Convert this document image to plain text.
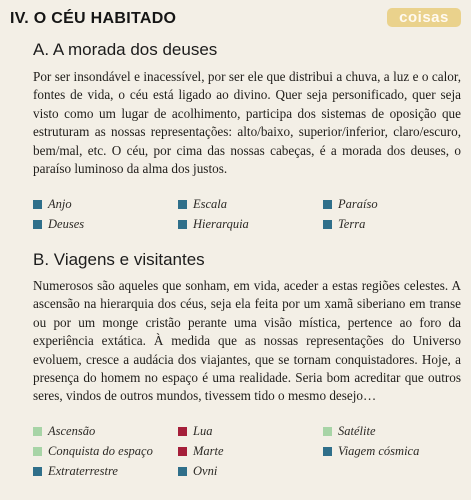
IV. O CÉU HABITADO	coisas
A. A morada dos deuses

Por ser insondável e inacessível, por ser ele que distribui a chuva, a luz e o calor, fontes de vida, o céu está ligado ao divino. Quer seja personificado, quer seja visto como um lugar de acolhimento, participa dos sistemas de oposição que estruturam as nossas representações: alto/baixo, superior/inferior, claro/escuro, bem/mal, etc. O céu, por cima das nossas cabeças, é a morada dos deuses, o paraíso luminoso da alma dos justos.

Anjo	Escala	Paraíso
Deuses	Hierarquia	Terra
B. Viagens e visitantes

Numerosos são aqueles que sonham, em vida, aceder a estas regiões celestes. A ascensão na hierarquia dos céus, seja ela feita por um xamã siberiano em transe ou por um monge cristão perante uma visão mística, pertence ao foro da experiência extática. À medida que as nossas representações do Universo evoluem, cresce a audácia dos viajantes, que se tornam conquistadores. Hoje, a presença do homem no espaço é uma realidade. Seria bom acreditar que outros seres, vindos de outros mundos, tivessem tido o mesmo desejo…

Ascensão	Lua	Satélite
Conquista do espaço	Marte	Viagem cósmica
Extraterrestre	Ovni
